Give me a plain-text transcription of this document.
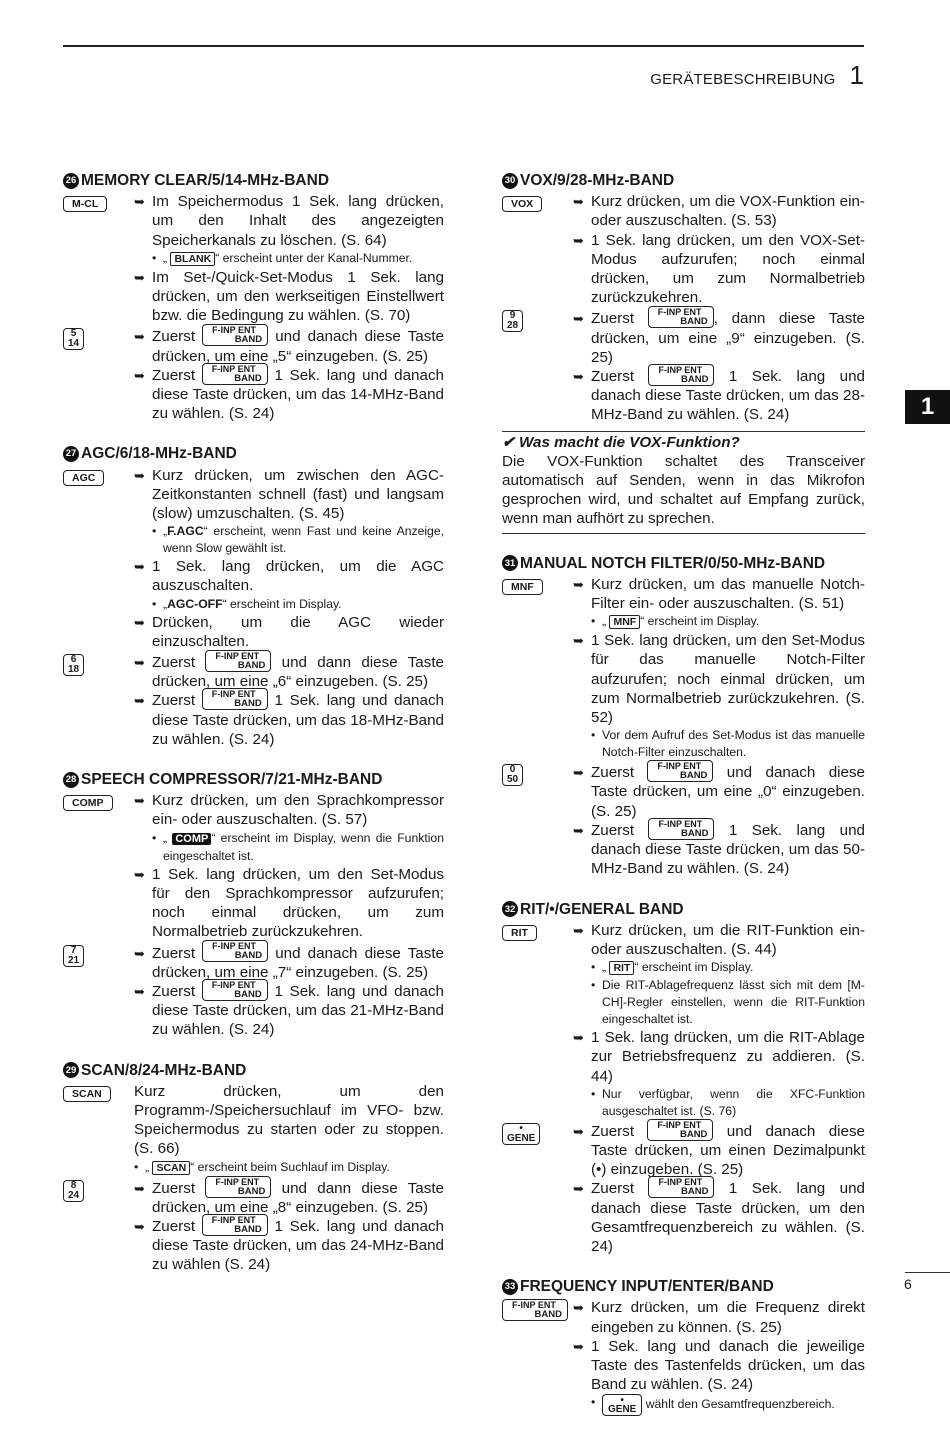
GERÄTEBESCHREIBUNG 1
1
6
26 MEMORY CLEAR/5/14-MHz-BAND
M-CL	➥ Im Speichermodus 1 Sek. lang drücken, um den Inhalt des angezeigten Speicherkanals zu löschen. (S. 64)
• „ BLANK “ erscheint unter der Kanal-Nummer.
➥ Im Set-/Quick-Set-Modus 1 Sek. lang drücken, um den werkseitigen Einstellwert bzw. die Bedingung zu wählen. (S. 70)
5
14	➥ Zuerst	F-INP ENT
BAND und danach diese Taste drücken, um eine „5“ einzugeben. (S. 25)
➥ Zuerst	F-INP ENT
BAND 1 Sek. lang und danach diese Taste drücken, um das 14-MHz-Band zu wählen. (S. 24)
27 AGC/6/18-MHz-BAND
AGC	➥ Kurz drücken, um zwischen den AGC-Zeitkonstanten schnell (fast) und langsam (slow) umzuschalten. (S. 45)
• „F.AGC“ erscheint, wenn Fast und keine Anzeige, wenn Slow gewählt ist.
➥ 1 Sek. lang drücken, um die AGC auszuschalten.
• „AGC-OFF“ erscheint im Display.
➥ Drücken, um die AGC wieder einzuschalten.
6
18	➥ Zuerst	F-INP ENT
BAND und dann diese Taste drücken, um eine „6“ einzugeben. (S. 25)
➥ Zuerst	F-INP ENT
BAND 1 Sek. lang und danach diese Taste drücken, um das 18-MHz-Band zu wählen. (S. 24)
28 SPEECH COMPRESSOR/7/21-MHz-BAND
COMP	➥ Kurz drücken, um den Sprachkompressor ein- oder auszuschalten. (S. 57)
• „ COMP “ erscheint im Display, wenn die Funktion eingeschaltet ist.
➥ 1 Sek. lang drücken, um den Set-Modus für den Sprachkompressor aufzurufen; noch einmal drücken, um zum Normalbetrieb zurückzukehren.
7
21	➥ Zuerst	F-INP ENT
BAND und danach diese Taste drücken, um eine „7“ einzugeben. (S. 25)
➥ Zuerst	F-INP ENT
BAND 1 Sek. lang und danach diese Taste drücken, um das 21-MHz-Band zu wählen. (S. 24)
29 SCAN/8/24-MHz-BAND
SCAN	Kurz drücken, um den Programm-/Speichersuchlauf im VFO- bzw. Speichermodus zu starten oder zu stoppen. (S. 66)
• „ SCAN “ erscheint beim Suchlauf im Display.
8
24	➥ Zuerst	F-INP ENT
BAND und dann diese Taste drücken, um eine „8“ einzugeben. (S. 25)
➥ Zuerst	F-INP ENT
BAND 1 Sek. lang und danach diese Taste drücken, um das 24-MHz-Band zu wählen (S. 24)
30 VOX/9/28-MHz-BAND
VOX	➥ Kurz drücken, um die VOX-Funktion ein- oder auszuschalten. (S. 53)
➥ 1 Sek. lang drücken, um den VOX-Set-Modus aufzurufen; noch einmal drücken, um zum Normalbetrieb zurückzukehren.
9
28	➥ Zuerst	F-INP ENT
BAND , dann diese Taste drücken, um eine „9“ einzugeben. (S. 25)
➥ Zuerst	F-INP ENT
BAND 1 Sek. lang und danach diese Taste drücken, um das 28-MHz-Band zu wählen. (S. 24)
✔ Was macht die VOX-Funktion?
Die VOX-Funktion schaltet des Transceiver automatisch auf Senden, wenn in das Mikrofon gesprochen wird, und schaltet auf Empfang zurück, wenn man aufhört zu sprechen.
31 MANUAL NOTCH FILTER/0/50-MHz-BAND
MNF	➥ Kurz drücken, um das manuelle Notch-Filter ein- oder auszuschalten. (S. 51)
• „ MNF “ erscheint im Display.
➥ 1 Sek. lang drücken, um den Set-Modus für das manuelle Notch-Filter aufzurufen; noch einmal drücken, um zum Normalbetrieb zurückzukehren. (S. 52)
• Vor dem Aufruf des Set-Modus ist das manuelle Notch-Filter einzuschalten.
0
50	➥ Zuerst	F-INP ENT
BAND und danach diese Taste drücken, um eine „0“ einzugeben. (S. 25)
➥ Zuerst	F-INP ENT
BAND 1 Sek. lang und danach diese Taste drücken, um das 50-MHz-Band zu wählen. (S. 24)
32 RIT/•/GENERAL BAND
RIT	➥ Kurz drücken, um die RIT-Funktion ein- oder auszuschalten. (S. 44)
• „ RIT “ erscheint im Display.
• Die RIT-Ablagefrequenz lässt sich mit dem [M-CH]-Regler einstellen, wenn die RIT-Funktion eingeschaltet ist.
➥ 1 Sek. lang drücken, um die RIT-Ablage zur Betriebsfrequenz zu addieren. (S. 44)
• Nur verfügbar, wenn die XFC-Funktion ausgeschaltet ist. (S. 76)
•
GENE	➥ Zuerst	F-INP ENT
BAND und danach diese Taste drücken, um einen Dezimalpunkt (•) einzugeben. (S. 25)
➥ Zuerst	F-INP ENT
BAND 1 Sek. lang und danach diese Taste drücken, um den Gesamtfrequenzbereich zu wählen. (S. 24)
33 FREQUENCY INPUT/ENTER/BAND
F-INP ENT
BAND ➥ Kurz drücken, um die Frequenz direkt eingeben zu können. (S. 25)
➥ 1 Sek. lang und danach die jeweilige Taste des Tastenfelds drücken, um das Band zu wählen. (S. 24)
•	•
GENE wählt den Gesamtfrequenzbereich.
